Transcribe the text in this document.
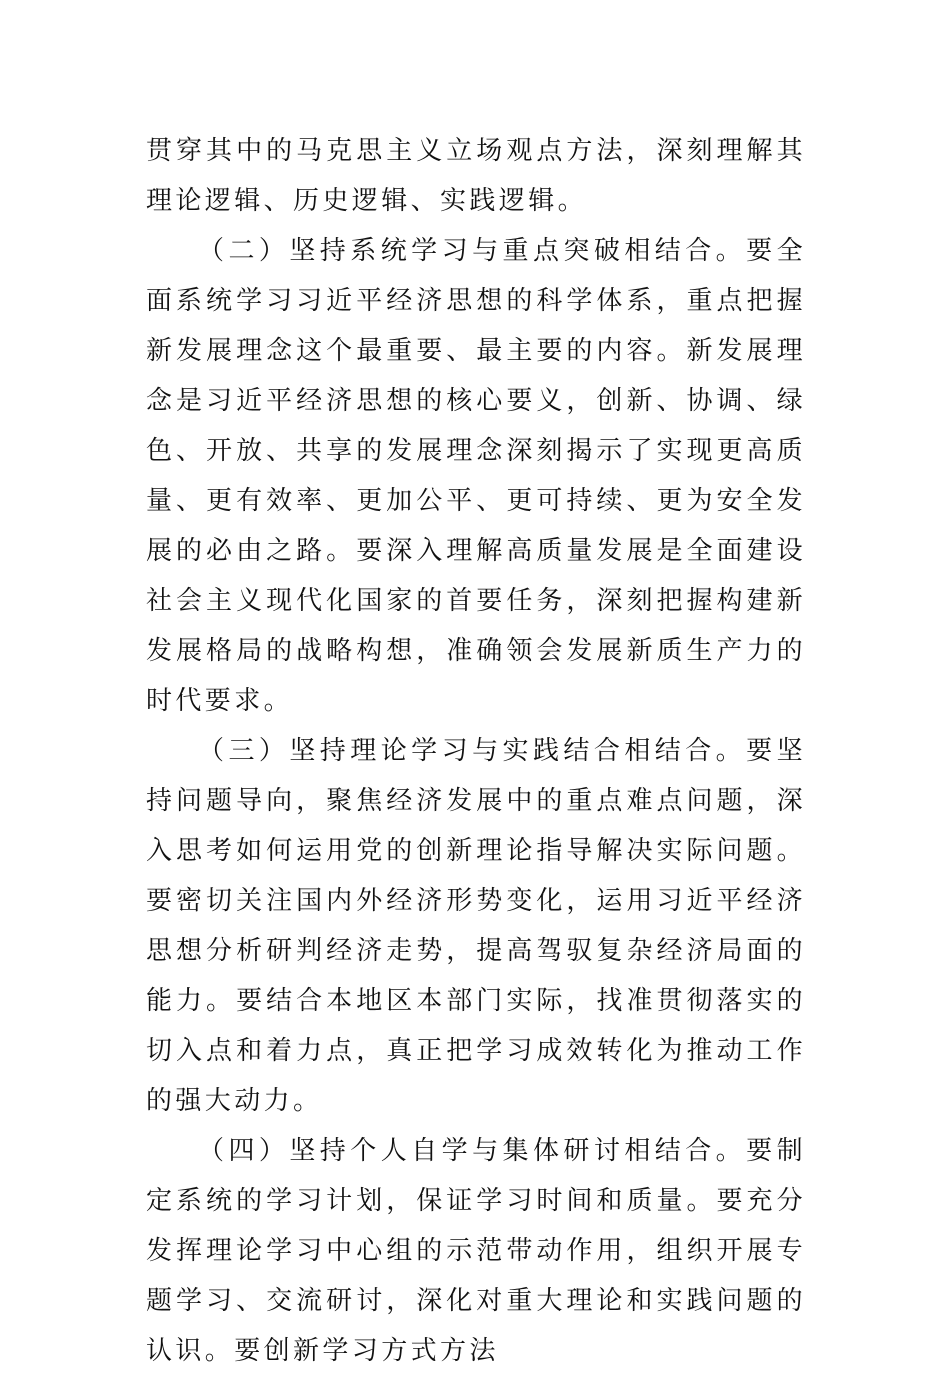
贯穿其中的马克思主义立场观点方法，深刻理解其理论逻辑、历史逻辑、实践逻辑。

（二）坚持系统学习与重点突破相结合。要全面系统学习习近平经济思想的科学体系，重点把握新发展理念这个最重要、最主要的内容。新发展理念是习近平经济思想的核心要义，创新、协调、绿色、开放、共享的发展理念深刻揭示了实现更高质量、更有效率、更加公平、更可持续、更为安全发展的必由之路。要深入理解高质量发展是全面建设社会主义现代化国家的首要任务，深刻把握构建新发展格局的战略构想，准确领会发展新质生产力的时代要求。

（三）坚持理论学习与实践结合相结合。要坚持问题导向，聚焦经济发展中的重点难点问题，深入思考如何运用党的创新理论指导解决实际问题。要密切关注国内外经济形势变化，运用习近平经济思想分析研判经济走势，提高驾驭复杂经济局面的能力。要结合本地区本部门实际，找准贯彻落实的切入点和着力点，真正把学习成效转化为推动工作的强大动力。

（四）坚持个人自学与集体研讨相结合。要制定系统的学习计划，保证学习时间和质量。要充分发挥理论学习中心组的示范带动作用，组织开展专题学习、交流研讨，深化对重大理论和实践问题的认识。要创新学习方式方法
